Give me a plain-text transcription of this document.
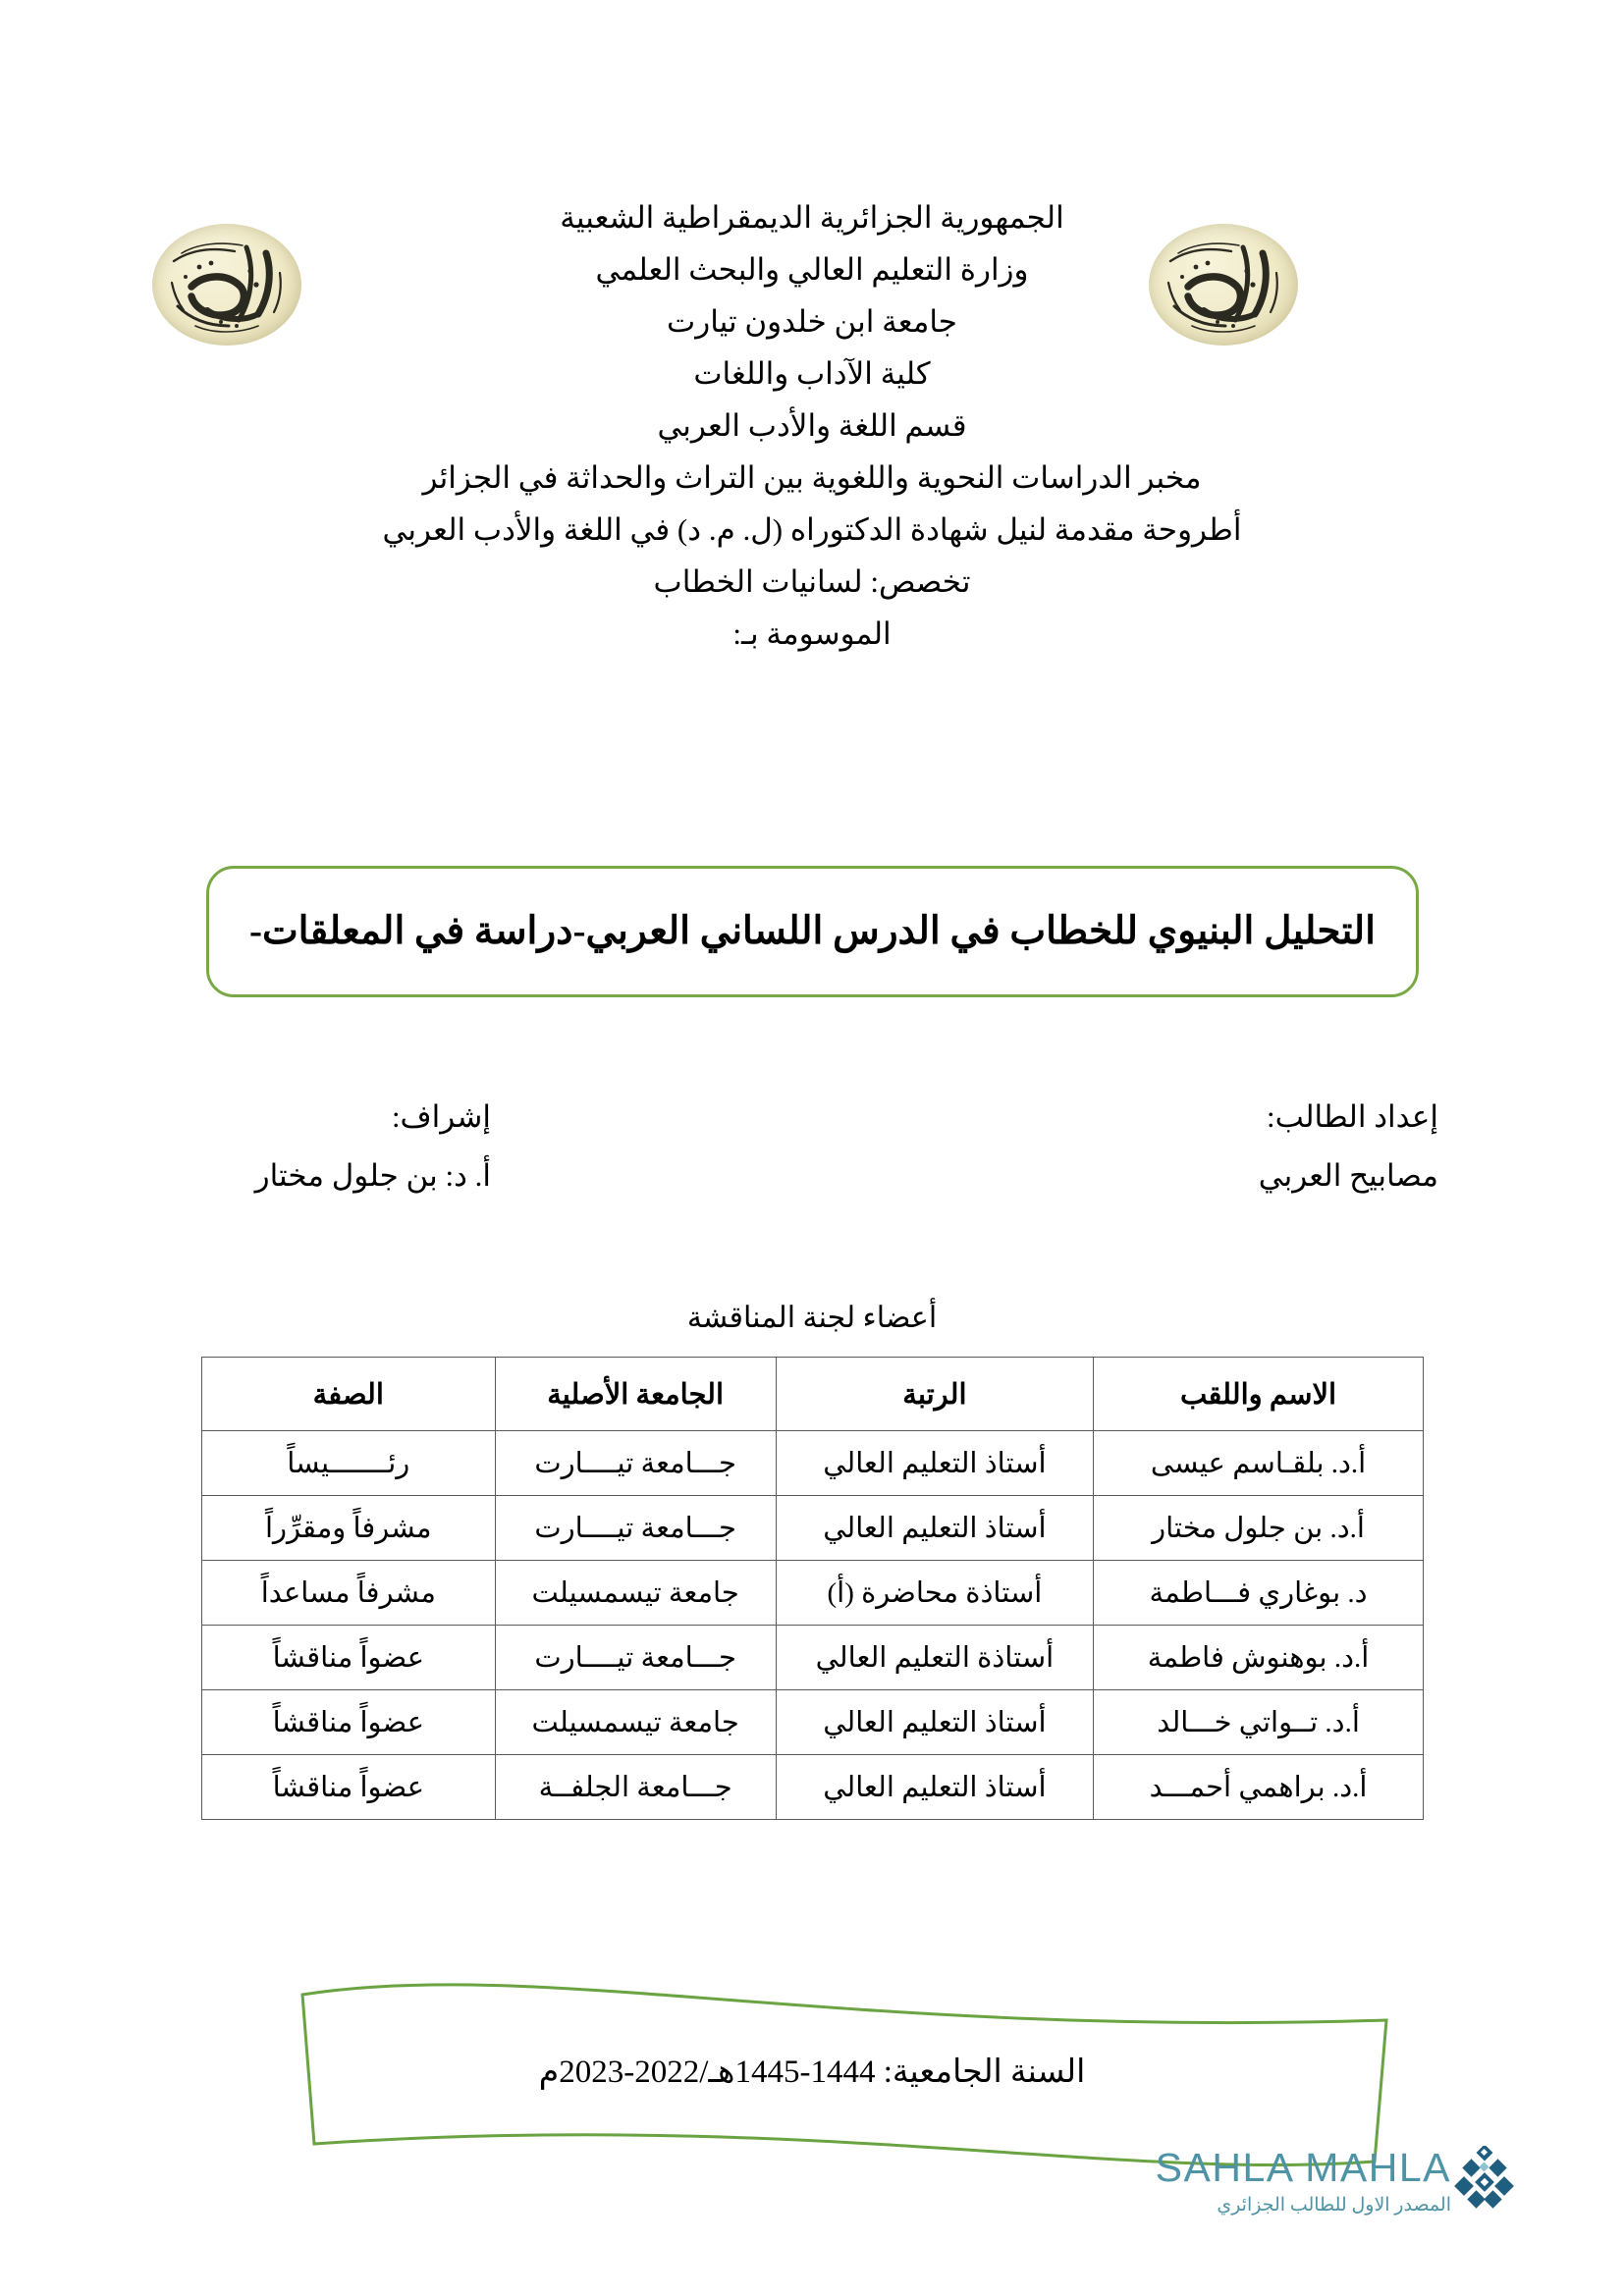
الجمهورية الجزائرية الديمقراطية الشعبية
وزارة التعليم العالي والبحث العلمي
جامعة ابن خلدون تيارت
كلية الآداب واللغات
قسم اللغة والأدب العربي
مخبر الدراسات النحوية واللغوية بين التراث والحداثة في الجزائر
أطروحة مقدمة لنيل شهادة الدكتوراه (ل. م. د) في اللغة والأدب العربي
تخصص: لسانيات الخطاب
الموسومة بـ:
التحليل البنيوي للخطاب في الدرس اللساني العربي-دراسة في المعلقات-
إعداد الطالب:
مصابيح العربي
إشراف:
أ. د: بن جلول مختار
أعضاء لجنة المناقشة
الاسم واللقب	الرتبة	الجامعة الأصلية	الصفة
أ.د. بلقـاسم عيسى	أستاذ التعليم العالي	جـــامعة تيــــارت	رئـــــــيساً
أ.د. بن جلول مختار	أستاذ التعليم العالي	جـــامعة تيــــارت	مشرفاً ومقرِّراً
د. بوغاري فـــاطمة	أستاذة محاضرة (أ)	جامعة تيسمسيلت	مشرفاً مساعداً
أ.د. بوهنوش فاطمة	أستاذة التعليم العالي	جـــامعة تيــــارت	عضواً مناقشاً
أ.د. تــواتي خـــالد	أستاذ التعليم العالي	جامعة تيسمسيلت	عضواً مناقشاً
أ.د. براهمي أحمـــد	أستاذ التعليم العالي	جـــامعة الجلفــة	عضواً مناقشاً
السنة الجامعية: 1444-1445هـ/2022-2023م
SAHLA MAHLA
المصدر الاول للطالب الجزائري
